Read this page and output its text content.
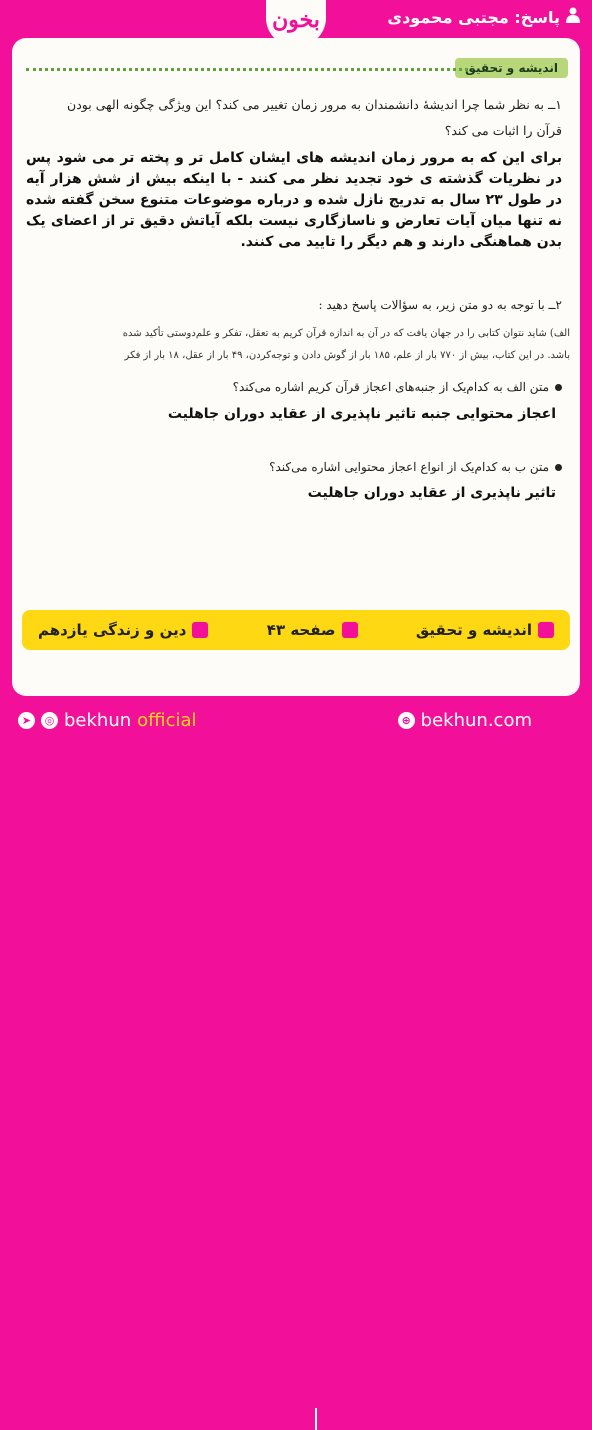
پاسخ: مجتبی محمودی
بخون
اندیشه و تحقیق
۱ــ به نظر شما چرا اندیشهٔ دانشمندان به مرور زمان تغییر می کند؟ این ویژگی چگونه الهی بودن
قرآن را اثبات می کند؟
برای این که به مرور زمان اندیشه های ایشان کامل تر و پخته تر می شود پس در نظریات گذشته ی خود تجدید نظر می کنند - با اینکه بیش از شش هزار آیه در طول ۲۳ سال به تدریج نازل شده و درباره موضوعات متنوع سخن گفته شده نه تنها میان آیات تعارض و ناسازگاری نیست بلکه آیاتش دقیق تر از اعضای یک بدن هماهنگی دارند و هم دیگر را تایید می کنند.
۲ــ با توجه به دو متن زیر، به سؤالات پاسخ دهید :
الف) شاید نتوان کتابی را در جهان یافت که در آن به اندازه قرآن کریم به تعقل، تفکر و علم‌دوستی تأکید شده
باشد. در این کتاب، بیش از ۷۷۰ بار از علم، ۱۸۵ بار از گوش دادن و توجه‌کردن، ۴۹ بار از عقل، ۱۸ بار از فکر
متن الف به کدام‌یک از جنبه‌های اعجاز قرآن کریم اشاره می‌کند؟
اعجاز محتوایی جنبه تاثیر ناپذیری از عقاید دوران جاهلیت
متن ب به کدام‌یک از انواع اعجاز محتوایی اشاره می‌کند؟
تاثیر ناپذیری از عقاید دوران جاهلیت
اندیشه و تحقیق
صفحه ۴۳
دین و زندگی یازدهم
➤	◎ bekhun official	⊕ bekhun.com
